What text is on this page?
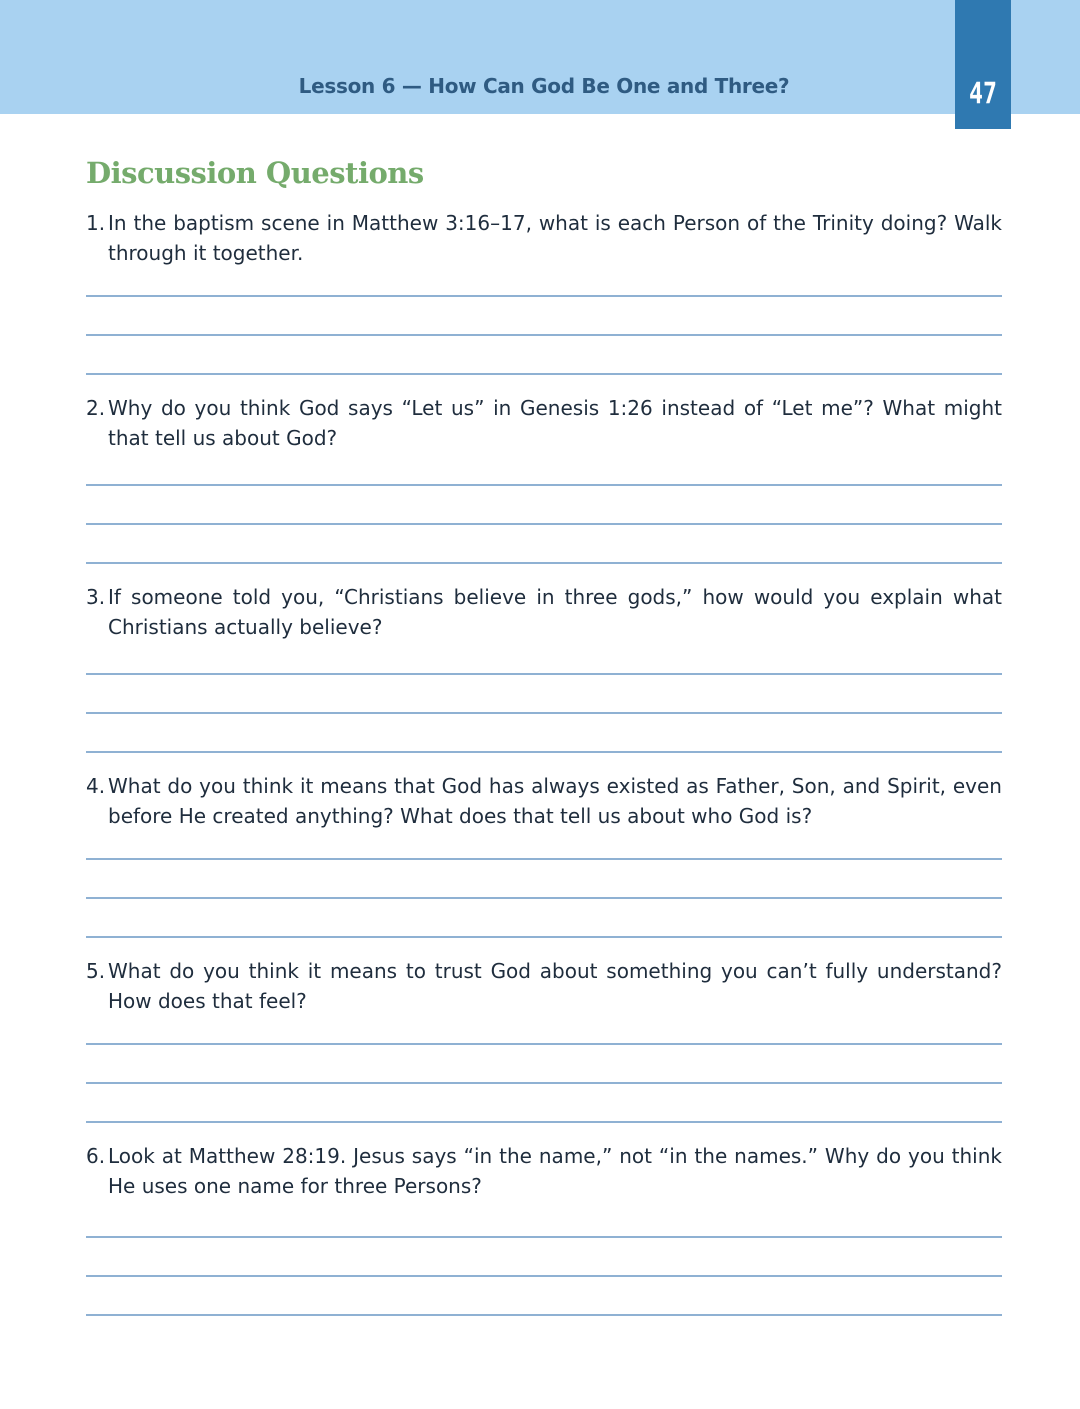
Lesson 6 — How Can God Be One and Three?	47
Discussion Questions
1. In the baptism scene in Matthew 3:16–17, what is each Person of the Trinity doing? Walk through it together.
2. Why do you think God says “Let us” in Genesis 1:26 instead of “Let me”? What might that tell us about God?
3. If someone told you, “Christians believe in three gods,” how would you explain what Christians actually believe?
4. What do you think it means that God has always existed as Father, Son, and Spirit, even before He created anything? What does that tell us about who God is?
5. What do you think it means to trust God about something you can’t fully understand? How does that feel?
6. Look at Matthew 28:19. Jesus says “in the name,” not “in the names.” Why do you think He uses one name for three Persons?
